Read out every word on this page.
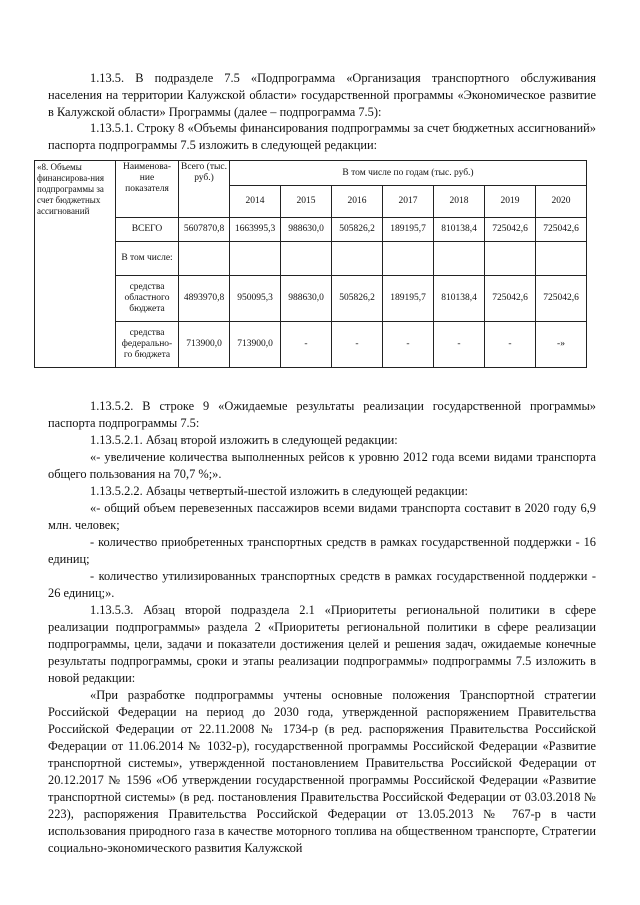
1.13.5. В подразделе 7.5 «Подпрограмма «Организация транспортного обслуживания населения на территории Калужской области» государственной программы «Экономическое развитие в Калужской области» Программы (далее – подпрограмма 7.5):

1.13.5.1. Строку 8 «Объемы финансирования подпрограммы за счет бюджетных ассигнований» паспорта подпрограммы 7.5 изложить в следующей редакции:

«8. Объемы финансирова-ния подпрограммы за счет бюджетных ассигнований	Наименова-ние показателя	Всего (тыс. руб.)	В том числе по годам (тыс. руб.)						
			2014	2015	2016	2017	2018	2019	2020
	ВСЕГО	5607870,8	1663995,3	988630,0	505826,2	189195,7	810138,4	725042,6	725042,6
	В том числе:								
	средства областного бюджета	4893970,8	950095,3	988630,0	505826,2	189195,7	810138,4	725042,6	725042,6
	средства федерально-го бюджета	713900,0	713900,0	-	-	-	-	-	-»

1.13.5.2. В строке 9 «Ожидаемые результаты реализации государственной программы» паспорта подпрограммы 7.5:

1.13.5.2.1. Абзац второй изложить в следующей редакции:

«- увеличение количества выполненных рейсов к уровню 2012 года всеми видами транспорта общего пользования на 70,7 %;».

1.13.5.2.2. Абзацы четвертый-шестой изложить в следующей редакции:

«- общий объем перевезенных пассажиров всеми видами транспорта составит в 2020 году 6,9 млн. человек;

- количество приобретенных транспортных средств в рамках государственной поддержки - 16 единиц;

- количество утилизированных транспортных средств в рамках государственной поддержки - 26 единиц;».

1.13.5.3. Абзац второй подраздела 2.1 «Приоритеты региональной политики в сфере реализации подпрограммы» раздела 2 «Приоритеты региональной политики в сфере реализации подпрограммы, цели, задачи и показатели достижения целей и решения задач, ожидаемые конечные результаты подпрограммы, сроки и этапы реализации подпрограммы» подпрограммы 7.5 изложить в новой редакции:

«При разработке подпрограммы учтены основные положения Транспортной стратегии Российской Федерации на период до 2030 года, утвержденной распоряжением Правительства Российской Федерации от 22.11.2008 № 1734-р (в ред. распоряжения Правительства Российской Федерации от 11.06.2014 № 1032-р), государственной программы Российской Федерации «Развитие транспортной системы», утвержденной постановлением Правительства Российской Федерации от 20.12.2017 № 1596 «Об утверждении государственной программы Российской Федерации «Развитие транспортной системы» (в ред. постановления Правительства Российской Федерации от 03.03.2018 № 223), распоряжения Правительства Российской Федерации от 13.05.2013 № 767-р в части использования природного газа в качестве моторного топлива на общественном транспорте, Стратегии социально-экономического развития Калужской
